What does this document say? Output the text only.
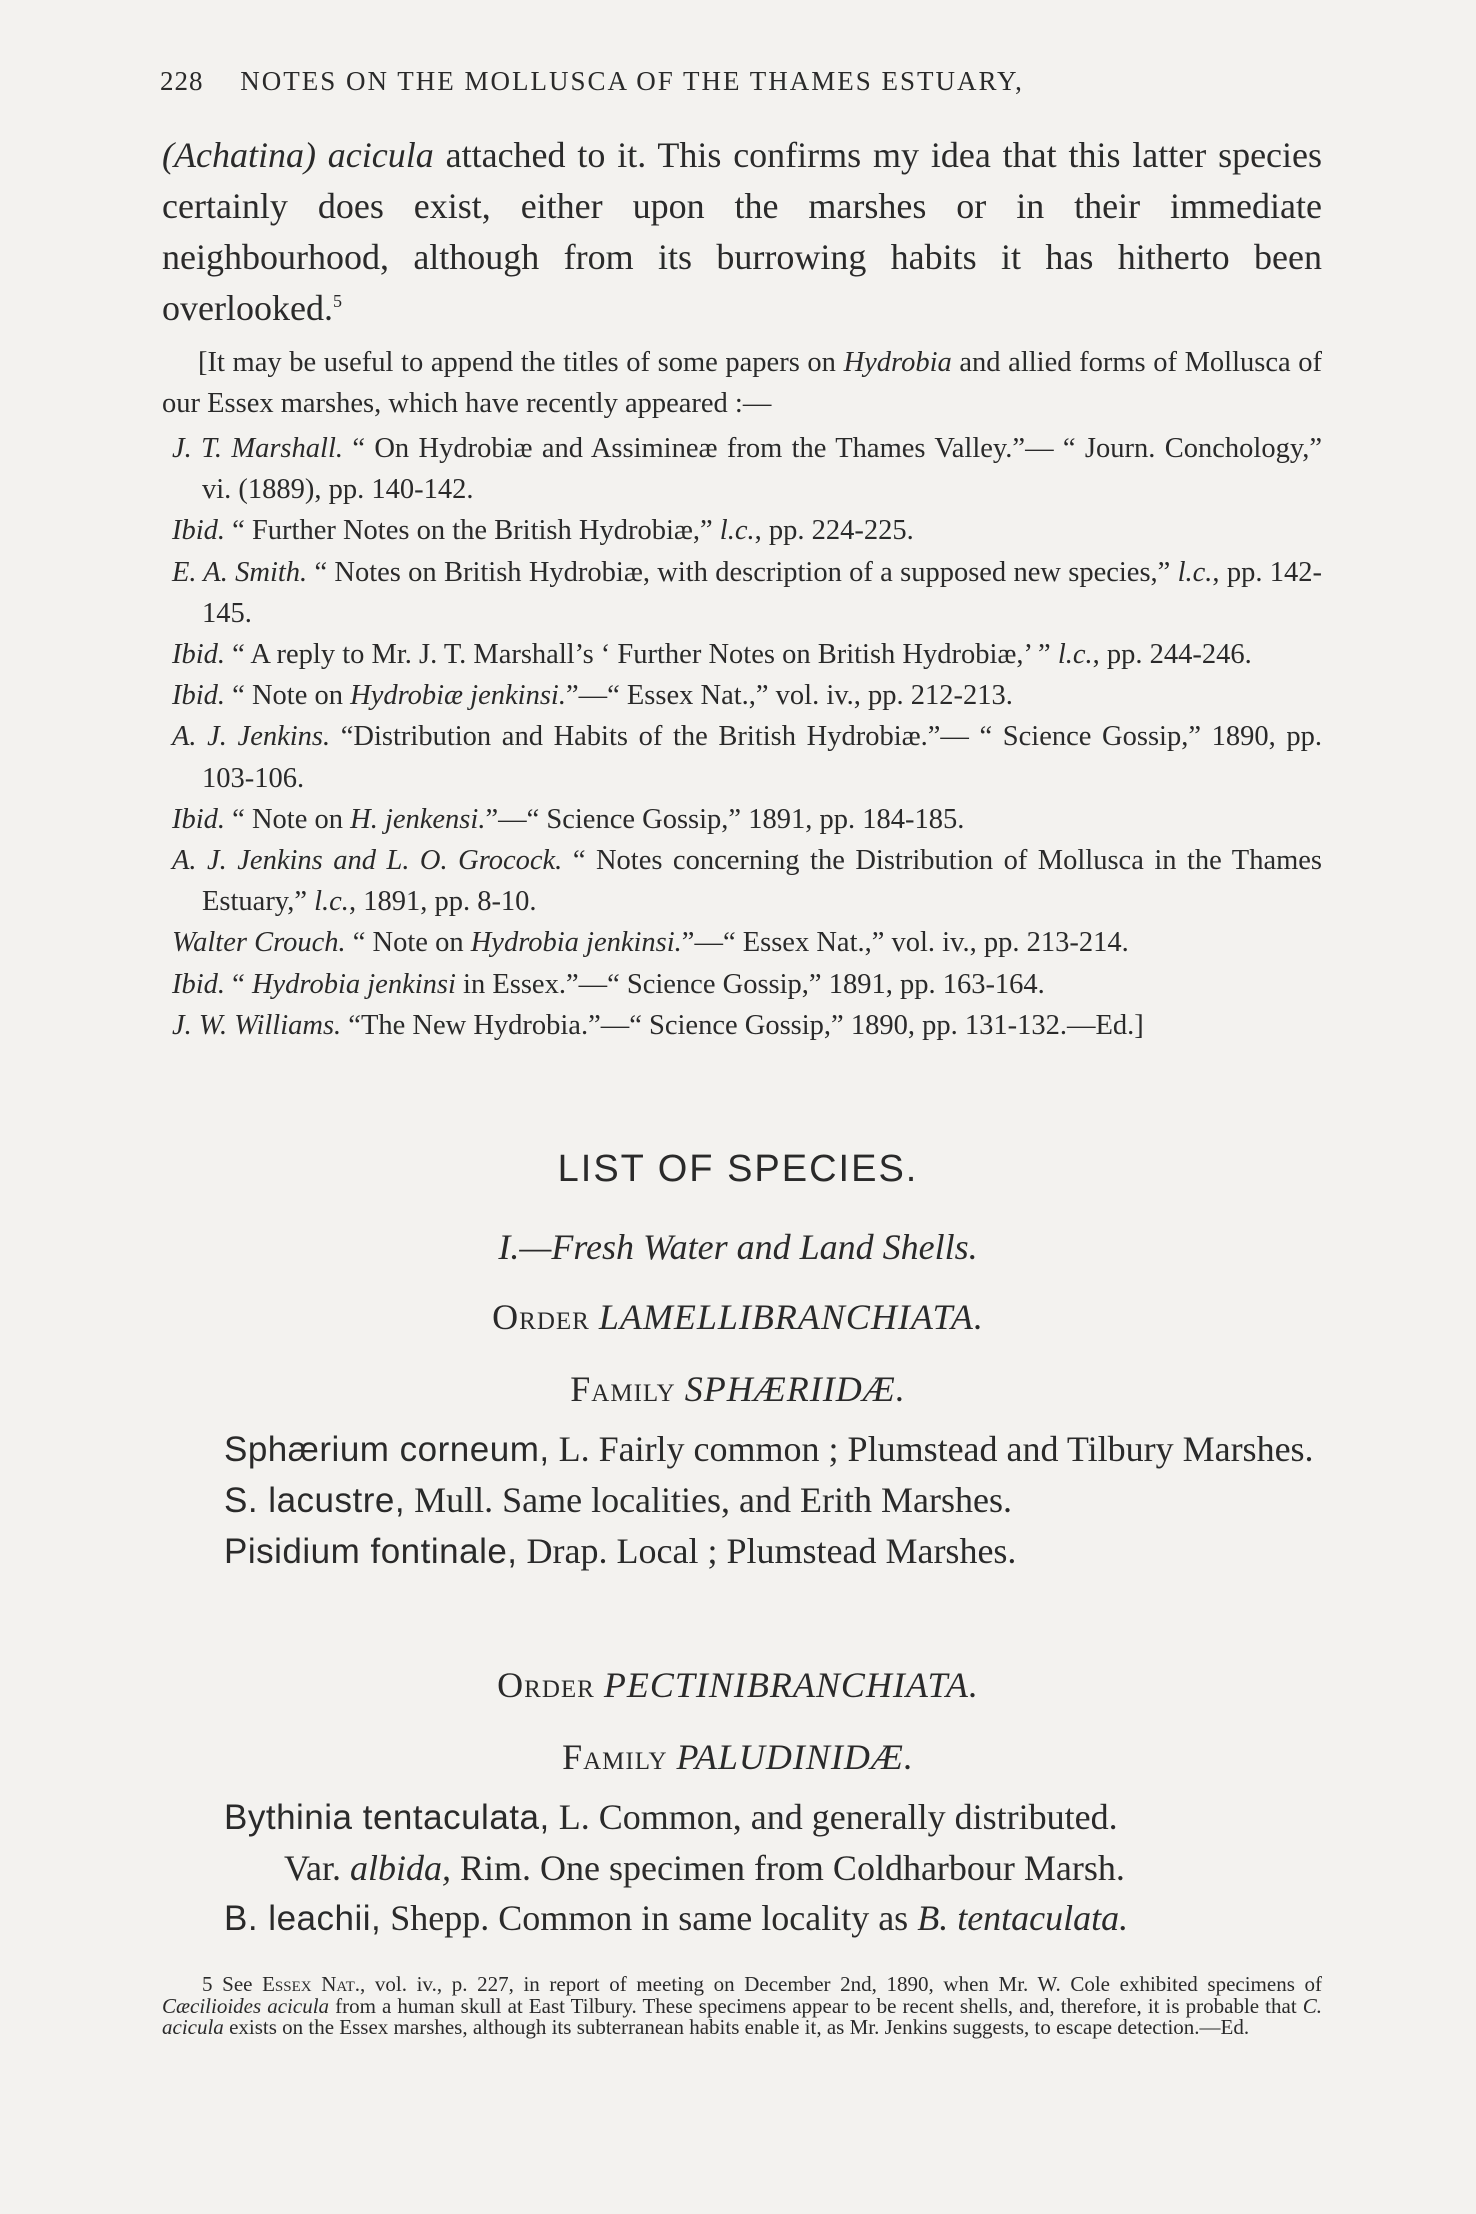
228 NOTES ON THE MOLLUSCA OF THE THAMES ESTUARY,
(Achatina) acicula attached to it. This confirms my idea that this latter species certainly does exist, either upon the marshes or in their immediate neighbourhood, although from its burrowing habits it has hitherto been overlooked.$^5$

[It may be useful to append the titles of some papers on Hydrobia and allied forms of Mollusca of our Essex marshes, which have recently appeared :—

J. T. Marshall. “ On Hydrobiæ and Assimineæ from the Thames Valley.”— “ Journ. Conchology,” vi. (1889), pp. 140-142.

Ibid. “ Further Notes on the British Hydrobiæ,” l.c., pp. 224-225.

E. A. Smith. “ Notes on British Hydrobiæ, with description of a supposed new species,” l.c., pp. 142-145.

Ibid. “ A reply to Mr. J. T. Marshall’s ‘ Further Notes on British Hydrobiæ,’ ” l.c., pp. 244-246.

Ibid. “ Note on Hydrobiæ jenkinsi.”—“ Essex Nat.,” vol. iv., pp. 212-213.

A. J. Jenkins. “Distribution and Habits of the British Hydrobiæ.”— “ Science Gossip,” 1890, pp. 103-106.

Ibid. “ Note on H. jenkensi.”—“ Science Gossip,” 1891, pp. 184-185.

A. J. Jenkins and L. O. Grocock. “ Notes concerning the Distribution of Mollusca in the Thames Estuary,” l.c., 1891, pp. 8-10.

Walter Crouch. “ Note on Hydrobia jenkinsi.”—“ Essex Nat.,” vol. iv., pp. 213-214.

Ibid. “ Hydrobia jenkinsi in Essex.”—“ Science Gossip,” 1891, pp. 163-164.

J. W. Williams. “The New Hydrobia.”—“ Science Gossip,” 1890, pp. 131-132.—Ed.]

LIST OF SPECIES.
I.—Fresh Water and Land Shells.
Order LAMELLIBRANCHIATA.
Family SPHÆRIIDÆ.

Sphærium corneum, L. Fairly common ; Plumstead and Tilbury Marshes.

S. lacustre, Mull. Same localities, and Erith Marshes.

Pisidium fontinale, Drap. Local ; Plumstead Marshes.

Order PECTINIBRANCHIATA.
Family PALUDINIDÆ.

Bythinia tentaculata, L. Common, and generally distributed.

Var. albida, Rim. One specimen from Coldharbour Marsh.

B. leachii, Shepp. Common in same locality as B. tentaculata.

5 See Essex Nat., vol. iv., p. 227, in report of meeting on December 2nd, 1890, when Mr. W. Cole exhibited specimens of Cæcilioides acicula from a human skull at East Tilbury. These specimens appear to be recent shells, and, therefore, it is probable that C. acicula exists on the Essex marshes, although its subterranean habits enable it, as Mr. Jenkins suggests, to escape detection.—Ed.
